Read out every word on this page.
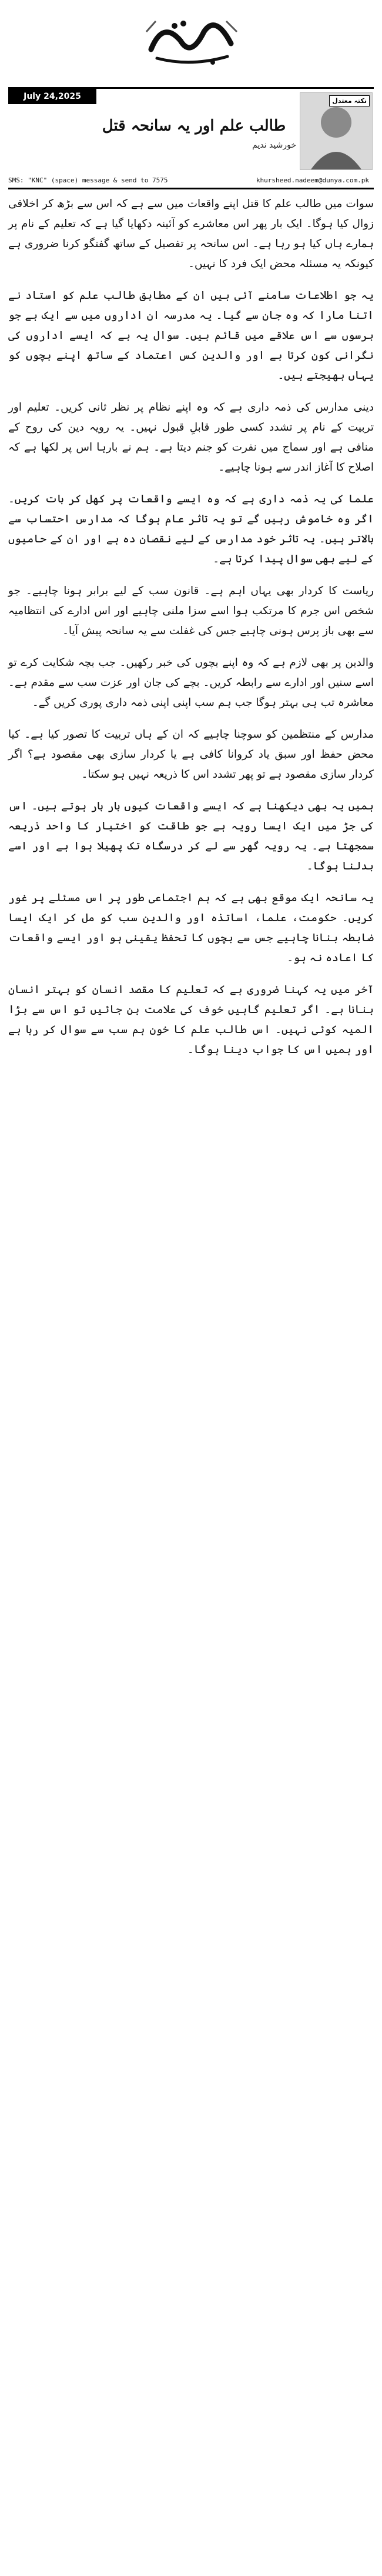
July 24,2025
طالب علم اور یہ سانحہ قتل
خورشید ندیم
SMS: "KNC" (space) message & send to 7575	khursheed.nadeem@dunya.com.pk
نکتہ معتدل

سوات میں طالب علم کا قتل اپنے واقعات میں سے ہے کہ اس سے بڑھ کر اخلاقی زوال کیا ہوگا۔ ایک بار پھر اس معاشرے کو آئینہ دکھایا گیا ہے کہ تعلیم کے نام پر ہمارے ہاں کیا ہو رہا ہے۔ اس سانحہ پر تفصیل کے ساتھ گفتگو کرنا ضروری ہے کیونکہ یہ مسئلہ محض ایک فرد کا نہیں۔

یہ جو اطلاعات سامنے آئی ہیں ان کے مطابق طالب علم کو استاد نے اتنا مارا کہ وہ جان سے گیا۔ یہ مدرسہ ان اداروں میں سے ایک ہے جو برسوں سے اس علاقے میں قائم ہیں۔ سوال یہ ہے کہ ایسے اداروں کی نگرانی کون کرتا ہے اور والدین کس اعتماد کے ساتھ اپنے بچوں کو یہاں بھیجتے ہیں۔

دینی مدارس کی ذمہ داری ہے کہ وہ اپنے نظام پر نظر ثانی کریں۔ تعلیم اور تربیت کے نام پر تشدد کسی طور قابلِ قبول نہیں۔ یہ رویہ دین کی روح کے منافی ہے اور سماج میں نفرت کو جنم دیتا ہے۔ ہم نے بارہا اس پر لکھا ہے کہ اصلاح کا آغاز اندر سے ہونا چاہیے۔

علما کی یہ ذمہ داری ہے کہ وہ ایسے واقعات پر کھل کر بات کریں۔ اگر وہ خاموش رہیں گے تو یہ تاثر عام ہوگا کہ مدارس احتساب سے بالاتر ہیں۔ یہ تاثر خود مدارس کے لیے نقصان دہ ہے اور ان کے حامیوں کے لیے بھی سوال پیدا کرتا ہے۔

ریاست کا کردار بھی یہاں اہم ہے۔ قانون سب کے لیے برابر ہونا چاہیے۔ جو شخص اس جرم کا مرتکب ہوا اسے سزا ملنی چاہیے اور اس ادارے کی انتظامیہ سے بھی باز پرس ہونی چاہیے جس کی غفلت سے یہ سانحہ پیش آیا۔

والدین پر بھی لازم ہے کہ وہ اپنے بچوں کی خبر رکھیں۔ جب بچہ شکایت کرے تو اسے سنیں اور ادارے سے رابطہ کریں۔ بچے کی جان اور عزت سب سے مقدم ہے۔ معاشرہ تب ہی بہتر ہوگا جب ہم سب اپنی اپنی ذمہ داری پوری کریں گے۔

مدارس کے منتظمین کو سوچنا چاہیے کہ ان کے ہاں تربیت کا تصور کیا ہے۔ کیا محض حفظ اور سبق یاد کروانا کافی ہے یا کردار سازی بھی مقصود ہے؟ اگر کردار سازی مقصود ہے تو پھر تشدد اس کا ذریعہ نہیں ہو سکتا۔

ہمیں یہ بھی دیکھنا ہے کہ ایسے واقعات کیوں بار بار ہوتے ہیں۔ اس کی جڑ میں ایک ایسا رویہ ہے جو طاقت کو اختیار کا واحد ذریعہ سمجھتا ہے۔ یہ رویہ گھر سے لے کر درسگاہ تک پھیلا ہوا ہے اور اسے بدلنا ہوگا۔

یہ سانحہ ایک موقع بھی ہے کہ ہم اجتماعی طور پر اس مسئلے پر غور کریں۔ حکومت، علما، اساتذہ اور والدین سب کو مل کر ایک ایسا ضابطہ بنانا چاہیے جس سے بچوں کا تحفظ یقینی ہو اور ایسے واقعات کا اعادہ نہ ہو۔

آخر میں یہ کہنا ضروری ہے کہ تعلیم کا مقصد انسان کو بہتر انسان بنانا ہے۔ اگر تعلیم گاہیں خوف کی علامت بن جائیں تو اس سے بڑا المیہ کوئی نہیں۔ اس طالب علم کا خون ہم سب سے سوال کر رہا ہے اور ہمیں اس کا جواب دینا ہوگا۔
